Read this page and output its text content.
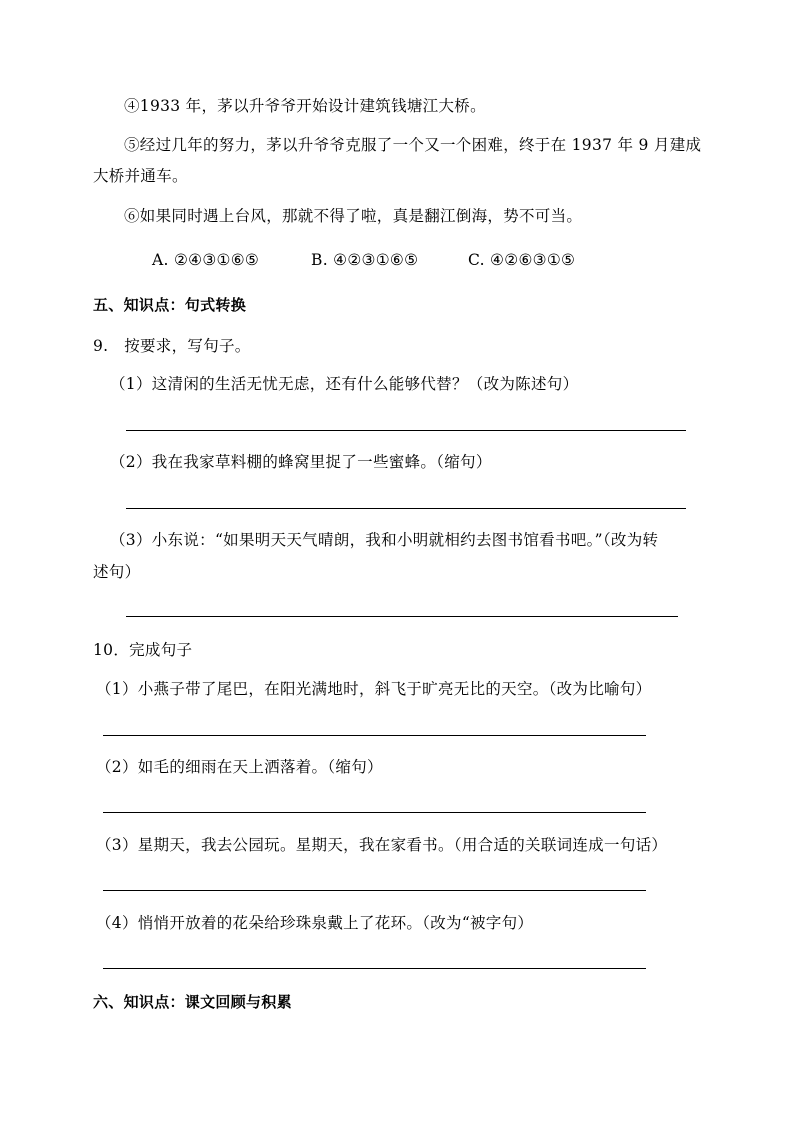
④1933 年，茅以升爷爷开始设计建筑钱塘江大桥。
⑤经过几年的努力，茅以升爷爷克服了一个又一个困难，终于在 1937 年 9 月建成
大桥并通车。
⑥如果同时遇上台风，那就不得了啦，真是翻江倒海，势不可当。
A. ②④③①⑥⑤	B. ④②③①⑥⑤	C. ④②⑥③①⑤
五、知识点：句式转换
9.　按要求，写句子。
（1）这清闲的生活无忧无虑，还有什么能够代替？（改为陈述句）
（2）我在我家草料棚的蜂窝里捉了一些蜜蜂。（缩句）
（3）小东说：“如果明天天气晴朗，我和小明就相约去图书馆看书吧。”（改为转
述句）
10．完成句子
（1）小燕子带了尾巴，在阳光满地时，斜飞于旷亮无比的天空。（改为比喻句）
（2）如毛的细雨在天上洒落着。（缩句）
（3）星期天，我去公园玩。星期天，我在家看书。（用合适的关联词连成一句话）
（4）悄悄开放着的花朵给珍珠泉戴上了花环。（改为“被字句）
六、知识点：课文回顾与积累
